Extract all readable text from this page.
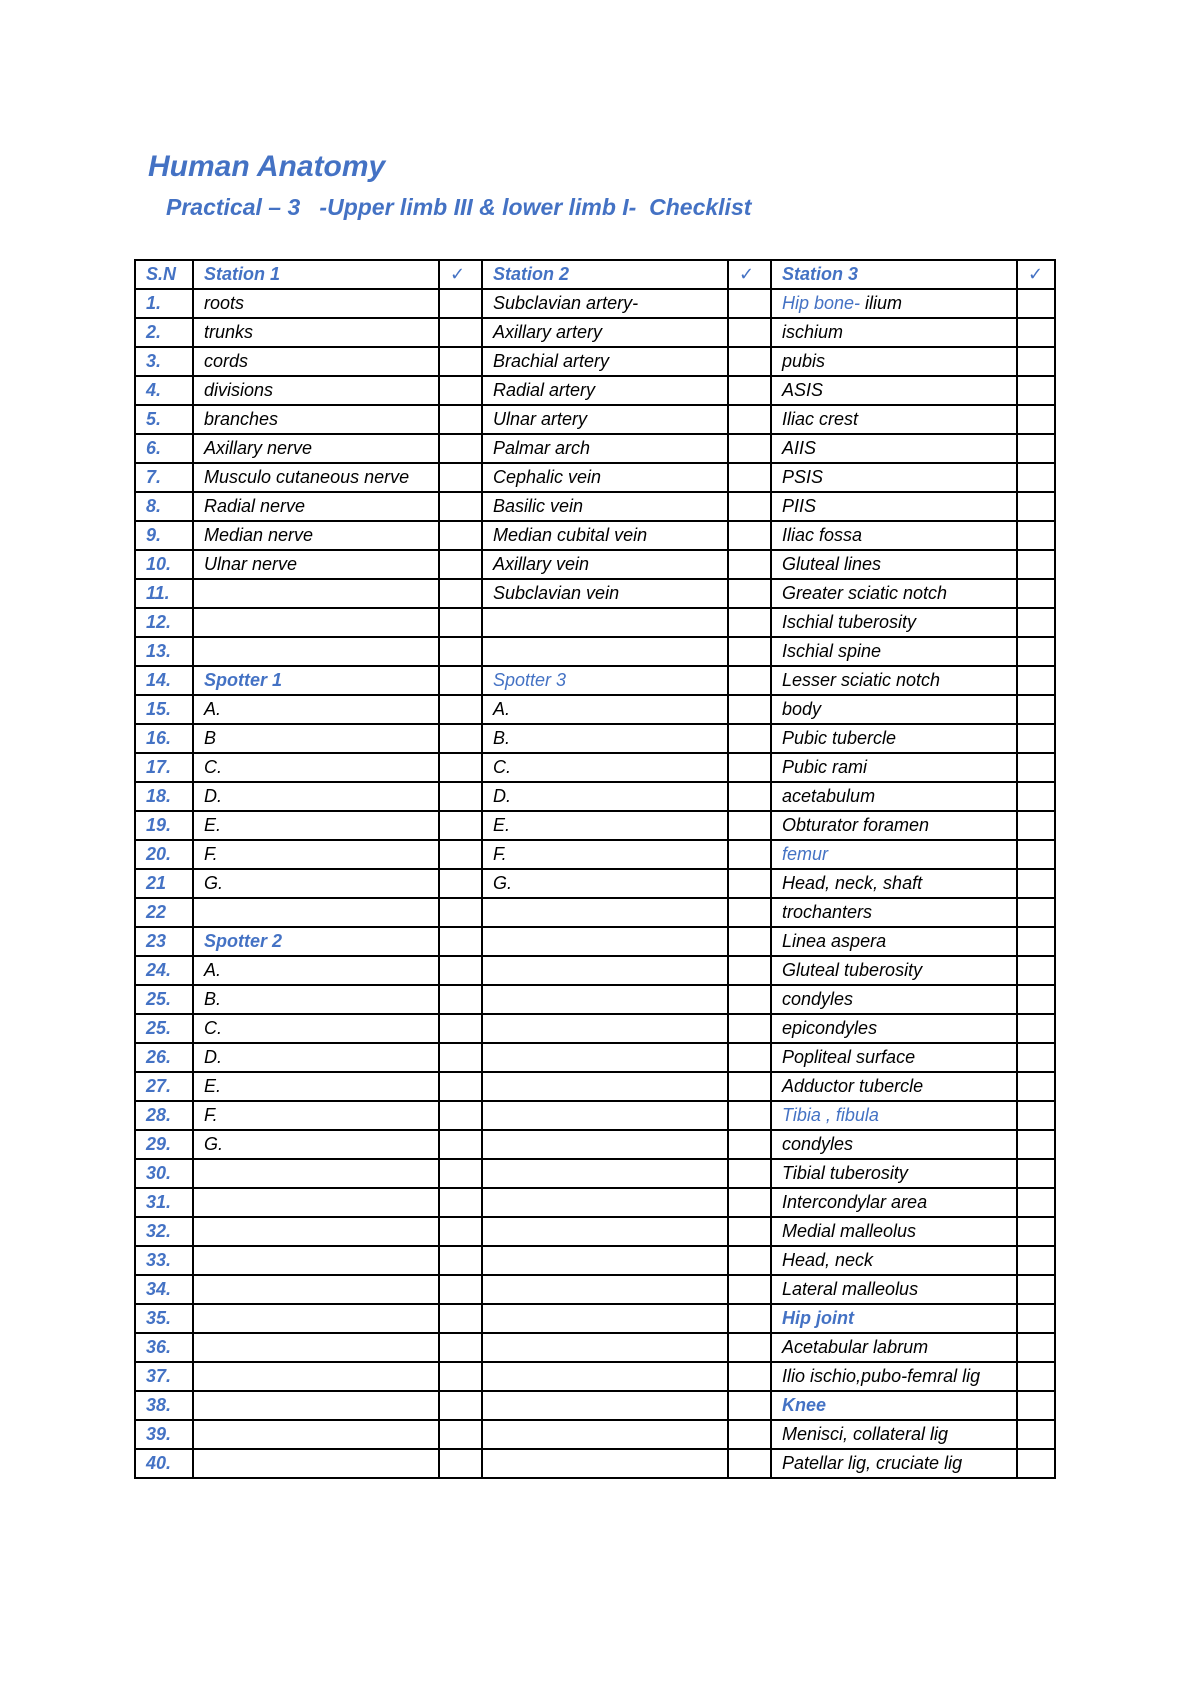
Human Anatomy

Practical – 3   -Upper limb III & lower limb I-  Checklist

S.N	Station 1	✓	Station 2	✓	Station 3	✓
1.	roots		Subclavian artery-		Hip bone- ilium	
2.	trunks		Axillary artery		ischium	
3.	cords		Brachial artery		pubis	
4.	divisions		Radial artery		ASIS	
5.	branches		Ulnar artery		Iliac crest	
6.	Axillary nerve		Palmar arch		AIIS	
7.	Musculo cutaneous nerve		Cephalic vein		PSIS	
8.	Radial nerve		Basilic vein		PIIS	
9.	Median nerve		Median cubital vein		Iliac fossa	
10.	Ulnar nerve		Axillary vein		Gluteal lines	
11.			Subclavian vein		Greater sciatic notch	
12.					Ischial tuberosity	
13.					Ischial spine	
14.	Spotter 1		Spotter 3		Lesser sciatic notch	
15.	A.		A.		body	
16.	B		B.		Pubic tubercle	
17.	C.		C.		Pubic rami	
18.	D.		D.		acetabulum	
19.	E.		E.		Obturator foramen	
20.	F.		F.		femur	
21	G.		G.		Head, neck, shaft	
22					trochanters	
23	Spotter 2				Linea aspera	
24.	A.				Gluteal tuberosity	
25.	B.				condyles	
25.	C.				epicondyles	
26.	D.				Popliteal surface	
27.	E.				Adductor tubercle	
28.	F.				Tibia , fibula	
29.	G.				condyles	
30.					Tibial tuberosity	
31.					Intercondylar area	
32.					Medial malleolus	
33.					Head, neck	
34.					Lateral malleolus	
35.					Hip joint	
36.					Acetabular labrum	
37.					Ilio ischio,pubo-femral lig	
38.					Knee	
39.					Menisci, collateral lig	
40.					Patellar lig, cruciate lig	
